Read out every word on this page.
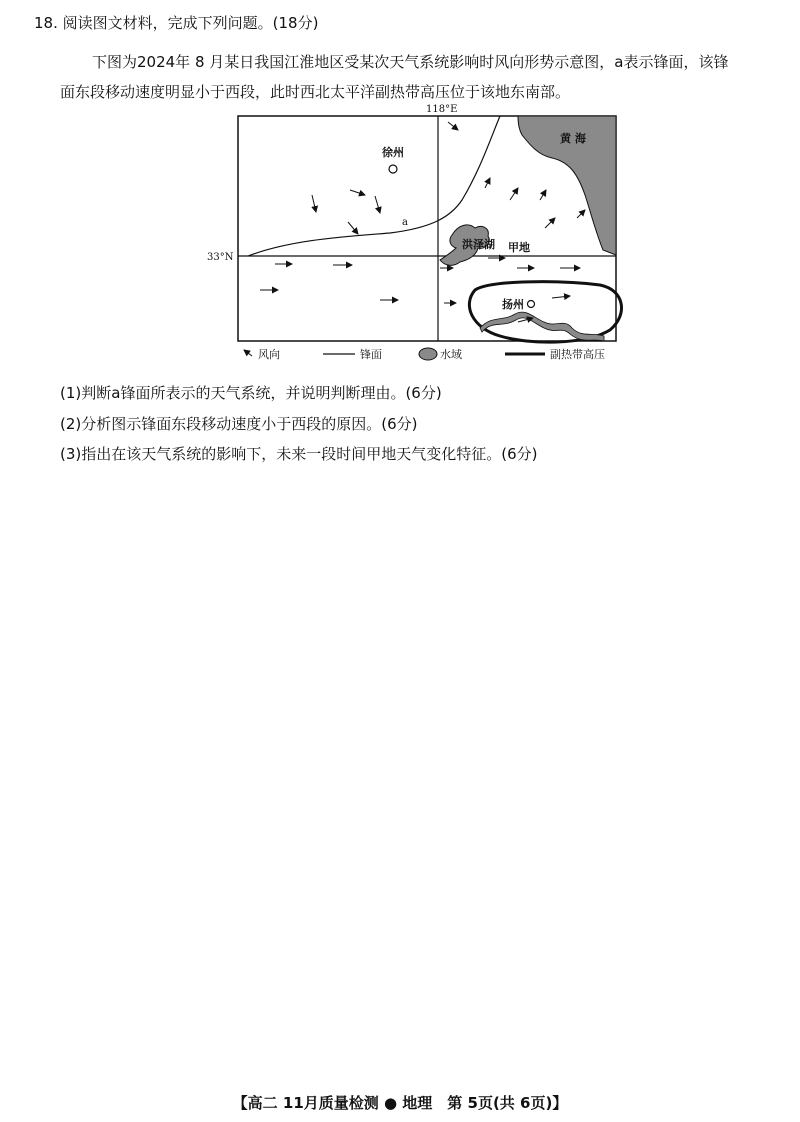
18. 阅读图文材料，完成下列问题。(18分)
下图为2024年 8 月某日我国江淮地区受某次天气系统影响时风向形势示意图，a表示锋面，该锋
面东段移动速度明显小于西段，此时西北太平洋副热带高压位于该地东南部。
118°E
33°N
黄 海
徐州
扬州
洪泽湖 甲地
a
风向	锋面	水域	副热带高压
(1)判断a锋面所表示的天气系统，并说明判断理由。(6分)
(2)分析图示锋面东段移动速度小于西段的原因。(6分)
(3)指出在该天气系统的影响下，未来一段时间甲地天气变化特征。(6分)
【高二 11月质量检测 ● 地理　第 5页(共 6页)】
